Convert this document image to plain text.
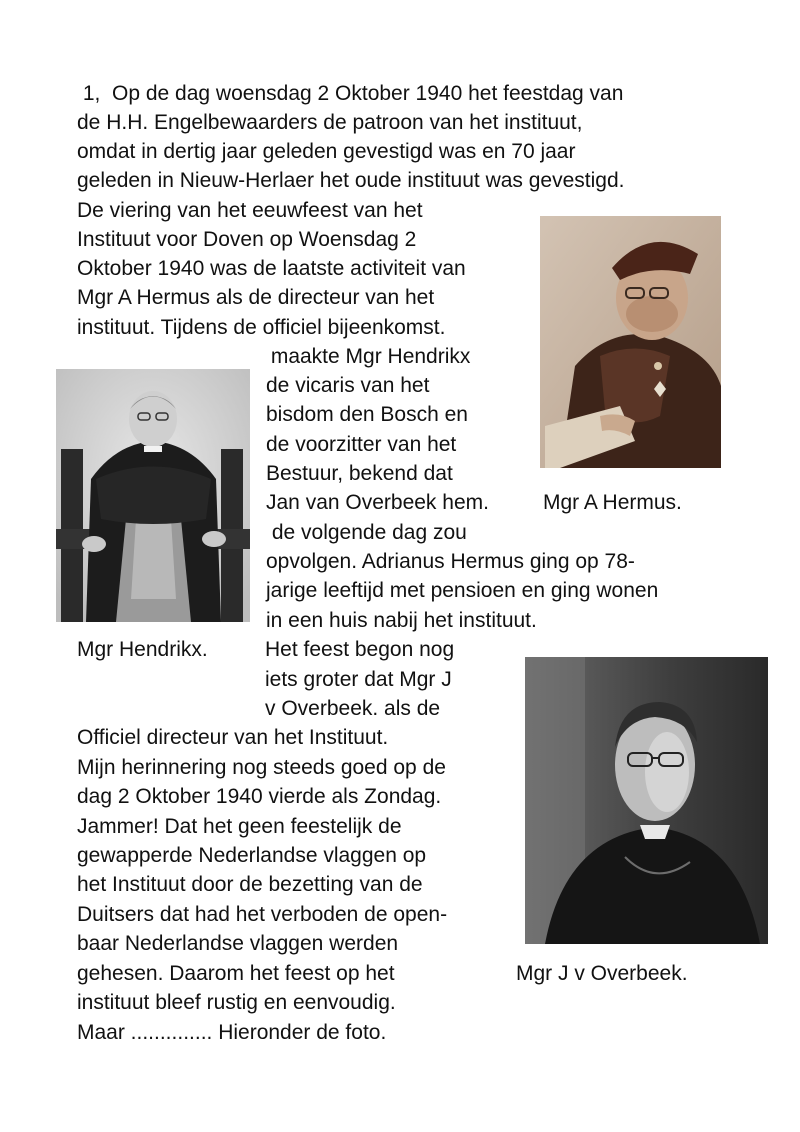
1,  Op de dag woensdag 2 Oktober 1940 het feestdag van
de H.H. Engelbewaarders de patroon van het instituut,
omdat in dertig jaar geleden gevestigd was en 70 jaar
geleden in Nieuw-Herlaer het oude instituut was gevestigd.
De viering van het eeuwfeest van het
Instituut voor Doven op Woensdag 2
Oktober 1940 was de laatste activiteit van
Mgr A Hermus als de directeur van het
instituut. Tijdens de officiel bijeenkomst.
maakte Mgr Hendrikx
de vicaris van het
bisdom den Bosch en
de voorzitter van het
Bestuur, bekend dat
Jan van Overbeek hem.
de volgende dag zou
opvolgen. Adrianus Hermus ging op 78-
jarige leeftijd met pensioen en ging wonen
in een huis nabij het instituut.
Het feest begon nog
iets groter dat Mgr J
v Overbeek. als de
Officiel directeur van het Instituut.
Mijn herinnering nog steeds goed op de
dag 2 Oktober 1940 vierde als Zondag.
Jammer! Dat het geen feestelijk de
gewapperde Nederlandse vlaggen op
het Instituut door de bezetting van de
Duitsers dat had het verboden de open-
baar Nederlandse vlaggen werden
gehesen. Daarom het feest op het
instituut bleef rustig en eenvoudig.
Maar .............. Hieronder de foto.
Mgr A Hermus.
Mgr Hendrikx.
Mgr J v Overbeek.
